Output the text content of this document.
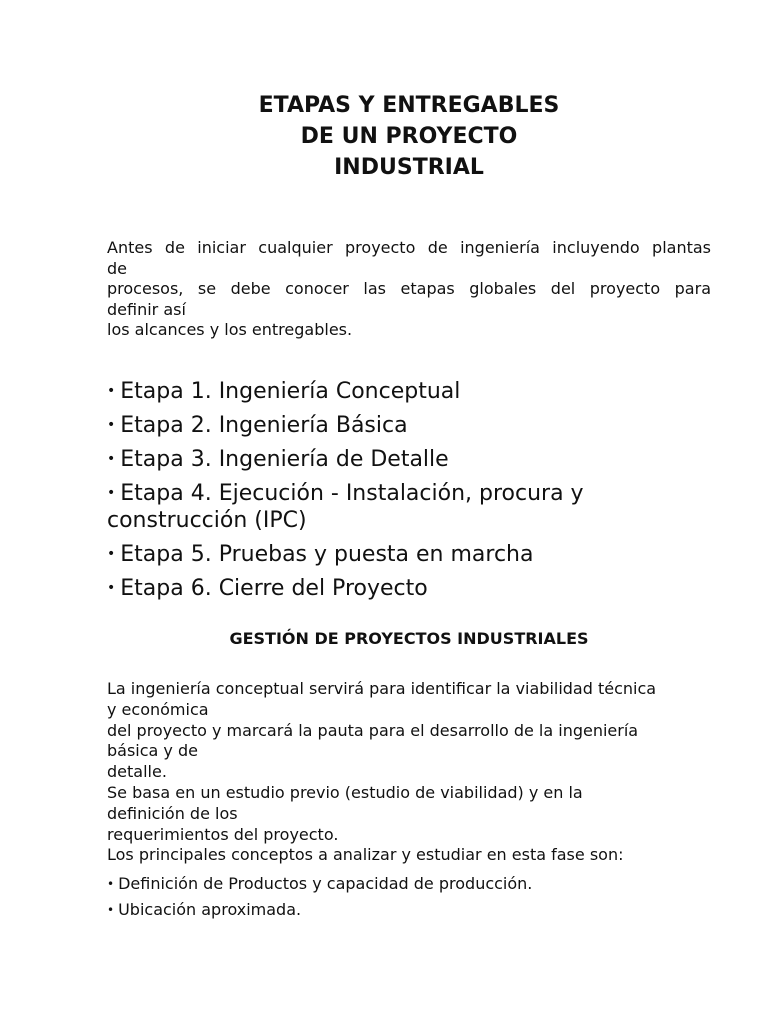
ETAPAS Y ENTREGABLES
DE UN PROYECTO
INDUSTRIAL

Antes de iniciar cualquier proyecto de ingeniería incluyendo plantas
de
procesos, se debe conocer las etapas globales del proyecto para
definir así
los alcances y los entregables.

• Etapa 1. Ingeniería Conceptual
• Etapa 2. Ingeniería Básica
• Etapa 3. Ingeniería de Detalle
• Etapa 4. Ejecución - Instalación, procura y construcción (IPC)
• Etapa 5. Pruebas y puesta en marcha
• Etapa 6. Cierre del Proyecto
GESTIÓN DE PROYECTOS INDUSTRIALES

La ingeniería conceptual servirá para identificar la viabilidad técnica
y económica
del proyecto y marcará la pauta para el desarrollo de la ingeniería
básica y de
detalle.
Se basa en un estudio previo (estudio de viabilidad) y en la
definición de los
requerimientos del proyecto.
Los principales conceptos a analizar y estudiar en esta fase son:

• Definición de Productos y capacidad de producción.
• Ubicación aproximada.
